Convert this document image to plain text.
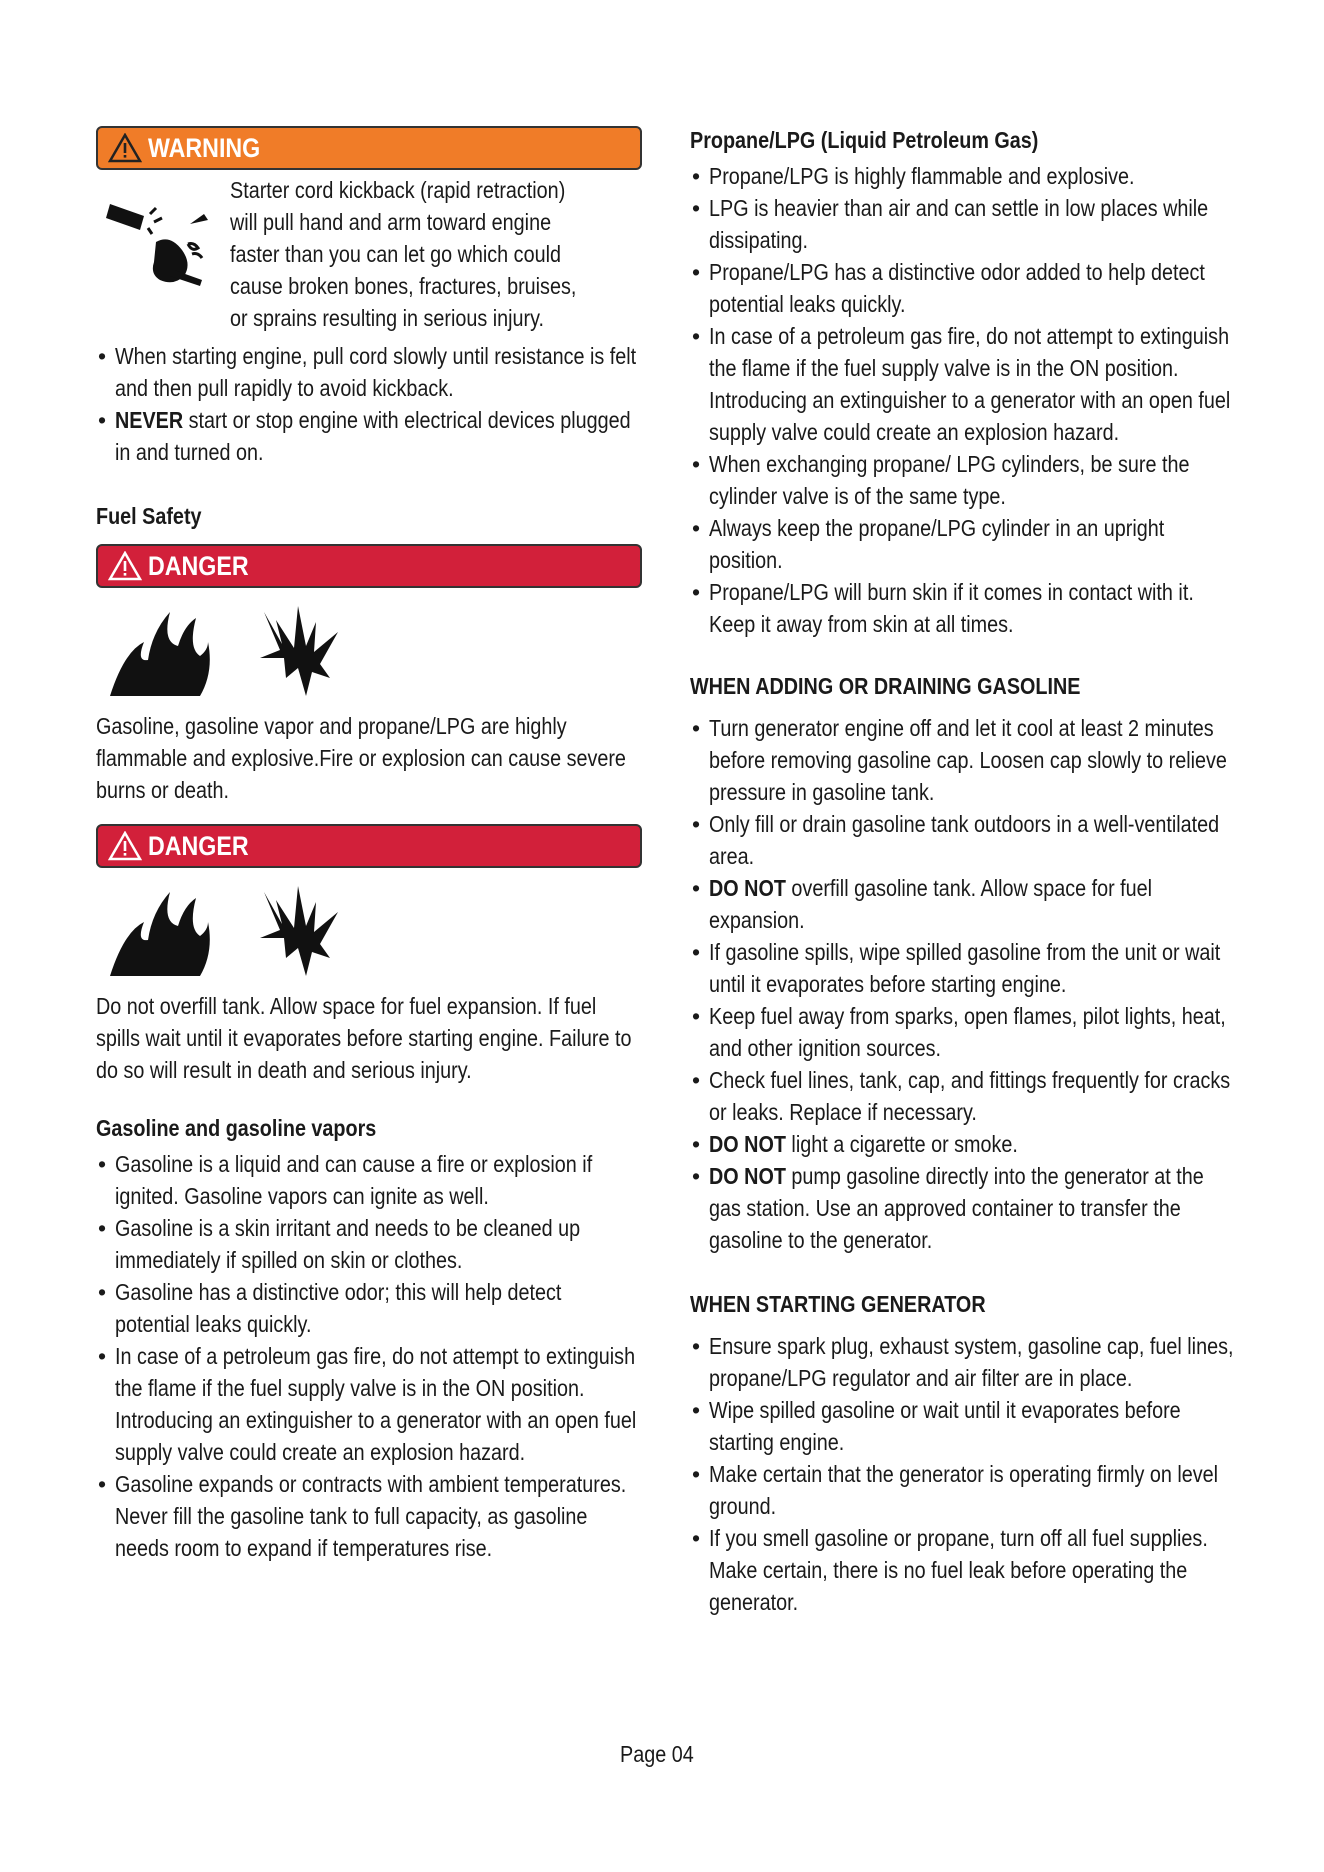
WARNING
Starter cord kickback (rapid retraction) will pull hand and arm toward engine faster than you can let go which could cause broken bones, fractures, bruises, or sprains resulting in serious injury.
• When starting engine, pull cord slowly until resistance is felt and then pull rapidly to avoid kickback.
• NEVER start or stop engine with electrical devices plugged in and turned on.
Fuel Safety
DANGER
Gasoline, gasoline vapor and propane/LPG are highly flammable and explosive.Fire or explosion can cause severe burns or death.
DANGER
Do not overfill tank. Allow space for fuel expansion. If fuel spills wait until it evaporates before starting engine. Failure to do so will result in death and serious injury.
Gasoline and gasoline vapors
• Gasoline is a liquid and can cause a fire or explosion if ignited. Gasoline vapors can ignite as well.
• Gasoline is a skin irritant and needs to be cleaned up immediately if spilled on skin or clothes.
• Gasoline has a distinctive odor; this will help detect potential leaks quickly.
• In case of a petroleum gas fire, do not attempt to extinguish the flame if the fuel supply valve is in the ON position. Introducing an extinguisher to a generator with an open fuel supply valve could create an explosion hazard.
• Gasoline expands or contracts with ambient temperatures. Never fill the gasoline tank to full capacity, as gasoline needs room to expand if temperatures rise.
Propane/LPG (Liquid Petroleum Gas)
• Propane/LPG is highly flammable and explosive.
• LPG is heavier than air and can settle in low places while dissipating.
• Propane/LPG has a distinctive odor added to help detect potential leaks quickly.
• In case of a petroleum gas fire, do not attempt to extinguish the flame if the fuel supply valve is in the ON position. Introducing an extinguisher to a generator with an open fuel supply valve could create an explosion hazard.
• When exchanging propane/ LPG cylinders, be sure the cylinder valve is of the same type.
• Always keep the propane/LPG cylinder in an upright position.
• Propane/LPG will burn skin if it comes in contact with it. Keep it away from skin at all times.
WHEN ADDING OR DRAINING GASOLINE
• Turn generator engine off and let it cool at least 2 minutes before removing gasoline cap. Loosen cap slowly to relieve pressure in gasoline tank.
• Only fill or drain gasoline tank outdoors in a well-ventilated area.
• DO NOT overfill gasoline tank. Allow space for fuel expansion.
• If gasoline spills, wipe spilled gasoline from the unit or wait until it evaporates before starting engine.
• Keep fuel away from sparks, open flames, pilot lights, heat, and other ignition sources.
• Check fuel lines, tank, cap, and fittings frequently for cracks or leaks. Replace if necessary.
• DO NOT light a cigarette or smoke.
• DO NOT pump gasoline directly into the generator at the gas station. Use an approved container to transfer the gasoline to the generator.
WHEN STARTING GENERATOR
• Ensure spark plug, exhaust system, gasoline cap, fuel lines, propane/LPG regulator and air filter are in place.
• Wipe spilled gasoline or wait until it evaporates before starting engine.
• Make certain that the generator is operating firmly on level ground.
• If you smell gasoline or propane, turn off all fuel supplies. Make certain, there is no fuel leak before operating the generator.
Page 04
